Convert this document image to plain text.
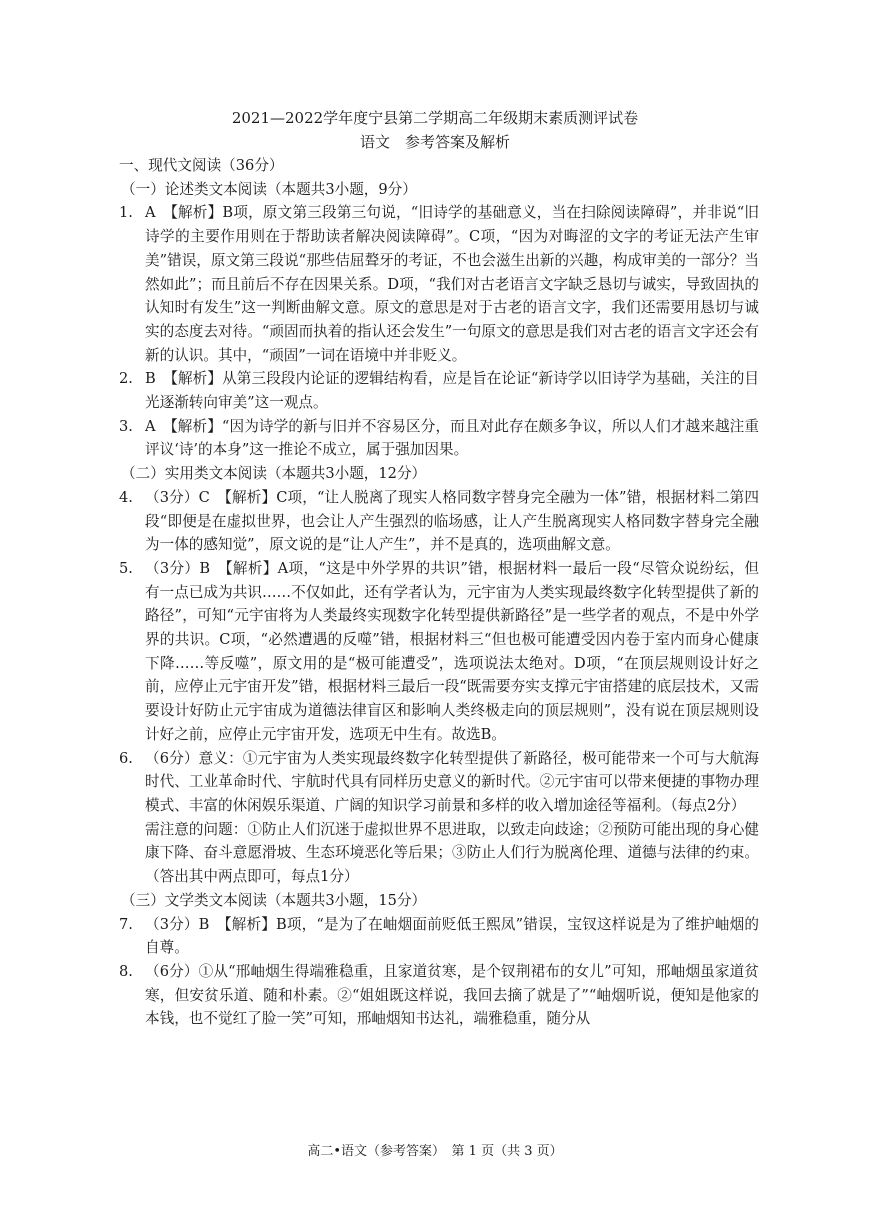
2021—2022学年度宁县第二学期高二年级期末素质测评试卷
语文　参考答案及解析
一、现代文阅读（36分）
（一）论述类文本阅读（本题共3小题，9分）
1. A　【解析】B项，原文第三段第三句说，“旧诗学的基础意义，当在扫除阅读障碍”，并非说“旧诗学的主要作用则在于帮助读者解决阅读障碍”。C项，“因为对晦涩的文字的考证无法产生审美”错误，原文第三段说“那些佶屈聱牙的考证，不也会滋生出新的兴趣，构成审美的一部分？当然如此”；而且前后不存在因果关系。D项，“我们对古老语言文字缺乏恳切与诚实，导致固执的认知时有发生”这一判断曲解文意。原文的意思是对于古老的语言文字，我们还需要用恳切与诚实的态度去对待。“顽固而执着的指认还会发生”一句原文的意思是我们对古老的语言文字还会有新的认识。其中，“顽固”一词在语境中并非贬义。

2. B　【解析】从第三段段内论证的逻辑结构看，应是旨在论证“新诗学以旧诗学为基础，关注的目光逐渐转向审美”这一观点。

3. A　【解析】“因为诗学的新与旧并不容易区分，而且对此存在颇多争议，所以人们才越来越注重评议‘诗’的本身”这一推论不成立，属于强加因果。

（二）实用类文本阅读（本题共3小题，12分）
4. （3分）C　【解析】C项，“让人脱离了现实人格同数字替身完全融为一体”错，根据材料二第四段“即便是在虚拟世界，也会让人产生强烈的临场感，让人产生脱离现实人格同数字替身完全融为一体的感知觉”，原文说的是“让人产生”，并不是真的，选项曲解文意。

5. （3分）B　【解析】A项，“这是中外学界的共识”错，根据材料一最后一段“尽管众说纷纭，但有一点已成为共识……不仅如此，还有学者认为，元宇宙为人类实现最终数字化转型提供了新的路径”，可知“元宇宙将为人类最终实现数字化转型提供新路径”是一些学者的观点，不是中外学界的共识。C项，“必然遭遇的反噬”错，根据材料三“但也极可能遭受因内卷于室内而身心健康下降……等反噬”，原文用的是“极可能遭受”，选项说法太绝对。D项，“在顶层规则设计好之前，应停止元宇宙开发”错，根据材料三最后一段“既需要夯实支撑元宇宙搭建的底层技术，又需要设计好防止元宇宙成为道德法律盲区和影响人类终极走向的顶层规则”，没有说在顶层规则设计好之前，应停止元宇宙开发，选项无中生有。故选B。

6. （6分）意义：①元宇宙为人类实现最终数字化转型提供了新路径，极可能带来一个可与大航海时代、工业革命时代、宇航时代具有同样历史意义的新时代。②元宇宙可以带来便捷的事物办理模式、丰富的休闲娱乐渠道、广阔的知识学习前景和多样的收入增加途径等福利。（每点2分）

需注意的问题：①防止人们沉迷于虚拟世界不思进取，以致走向歧途；②预防可能出现的身心健康下降、奋斗意愿滑坡、生态环境恶化等后果；③防止人们行为脱离伦理、道德与法律的约束。（答出其中两点即可，每点1分）

（三）文学类文本阅读（本题共3小题，15分）
7. （3分）B　【解析】B项，“是为了在岫烟面前贬低王熙凤”错误，宝钗这样说是为了维护岫烟的自尊。

8. （6分）①从“邢岫烟生得端雅稳重，且家道贫寒，是个钗荆裙布的女儿”可知，邢岫烟虽家道贫寒，但安贫乐道、随和朴素。②“姐姐既这样说，我回去摘了就是了”“岫烟听说，便知是他家的本钱，也不觉红了脸一笑”可知，邢岫烟知书达礼，端雅稳重，随分从

高二•语文（参考答案）　第 1 页（共 3 页）
